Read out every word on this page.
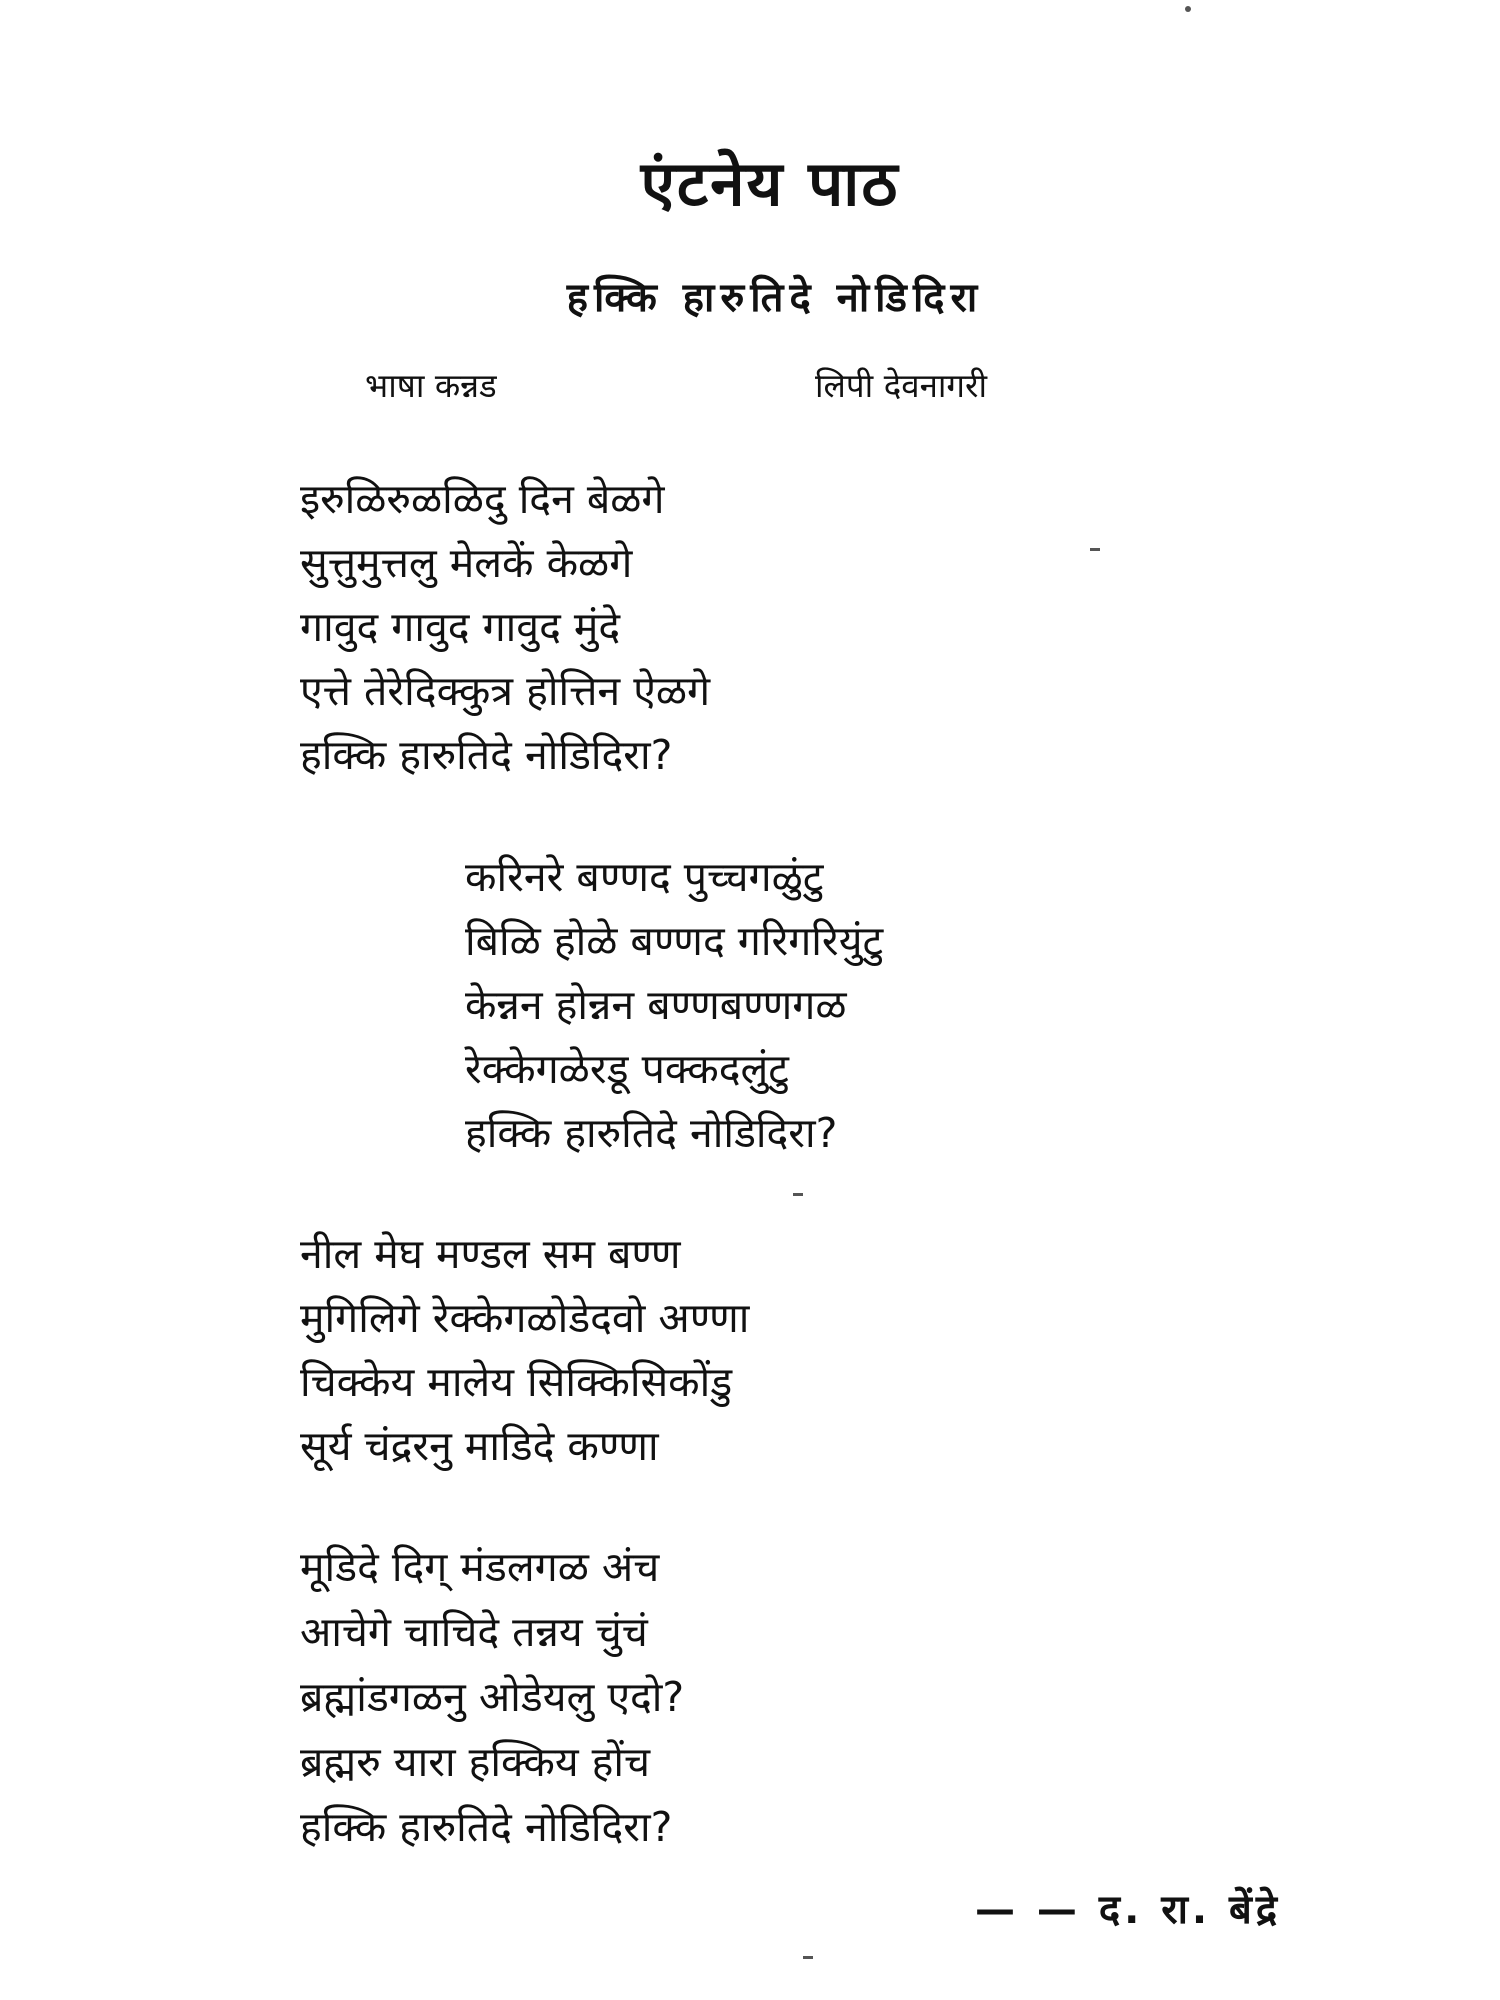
एंटनेय पाठ
हक्कि हारुतिदे नोडिदिरा
भाषा कन्नड	लिपी देवनागरी
इरुळिरुळळिदु दिन बेळगे
सुत्तुमुत्तलु मेलकें केळगे
गावुद गावुद गावुद मुंदे
एत्ते तेरेदिक्कुत्र होत्तिन ऐळगे
हक्कि हारुतिदे नोडिदिरा?
करिनरे बण्णद पुच्चगळुंटु
बिळि होळे बण्णद गरिगरियुंटु
केन्नन होन्नन बण्णबण्णगळ
रेक्केगळेरडू पक्कदलुंटु
हक्कि हारुतिदे नोडिदिरा?
नील मेघ मण्डल सम बण्ण
मुगिलिगे रेक्केगळोडेदवो अण्णा
चिक्केय मालेय सिक्किसिकोंडु
सूर्य चंद्ररनु माडिदे कण्णा
मूडिदे दिग् मंडलगळ अंच
आचेगे चाचिदे तन्नय चुंचं
ब्रह्मांडगळनु ओडेयलु एदो?
ब्रह्मरु यारा हक्किय होंच
हक्कि हारुतिदे नोडिदिरा?
— — द. रा. बेंद्रे
